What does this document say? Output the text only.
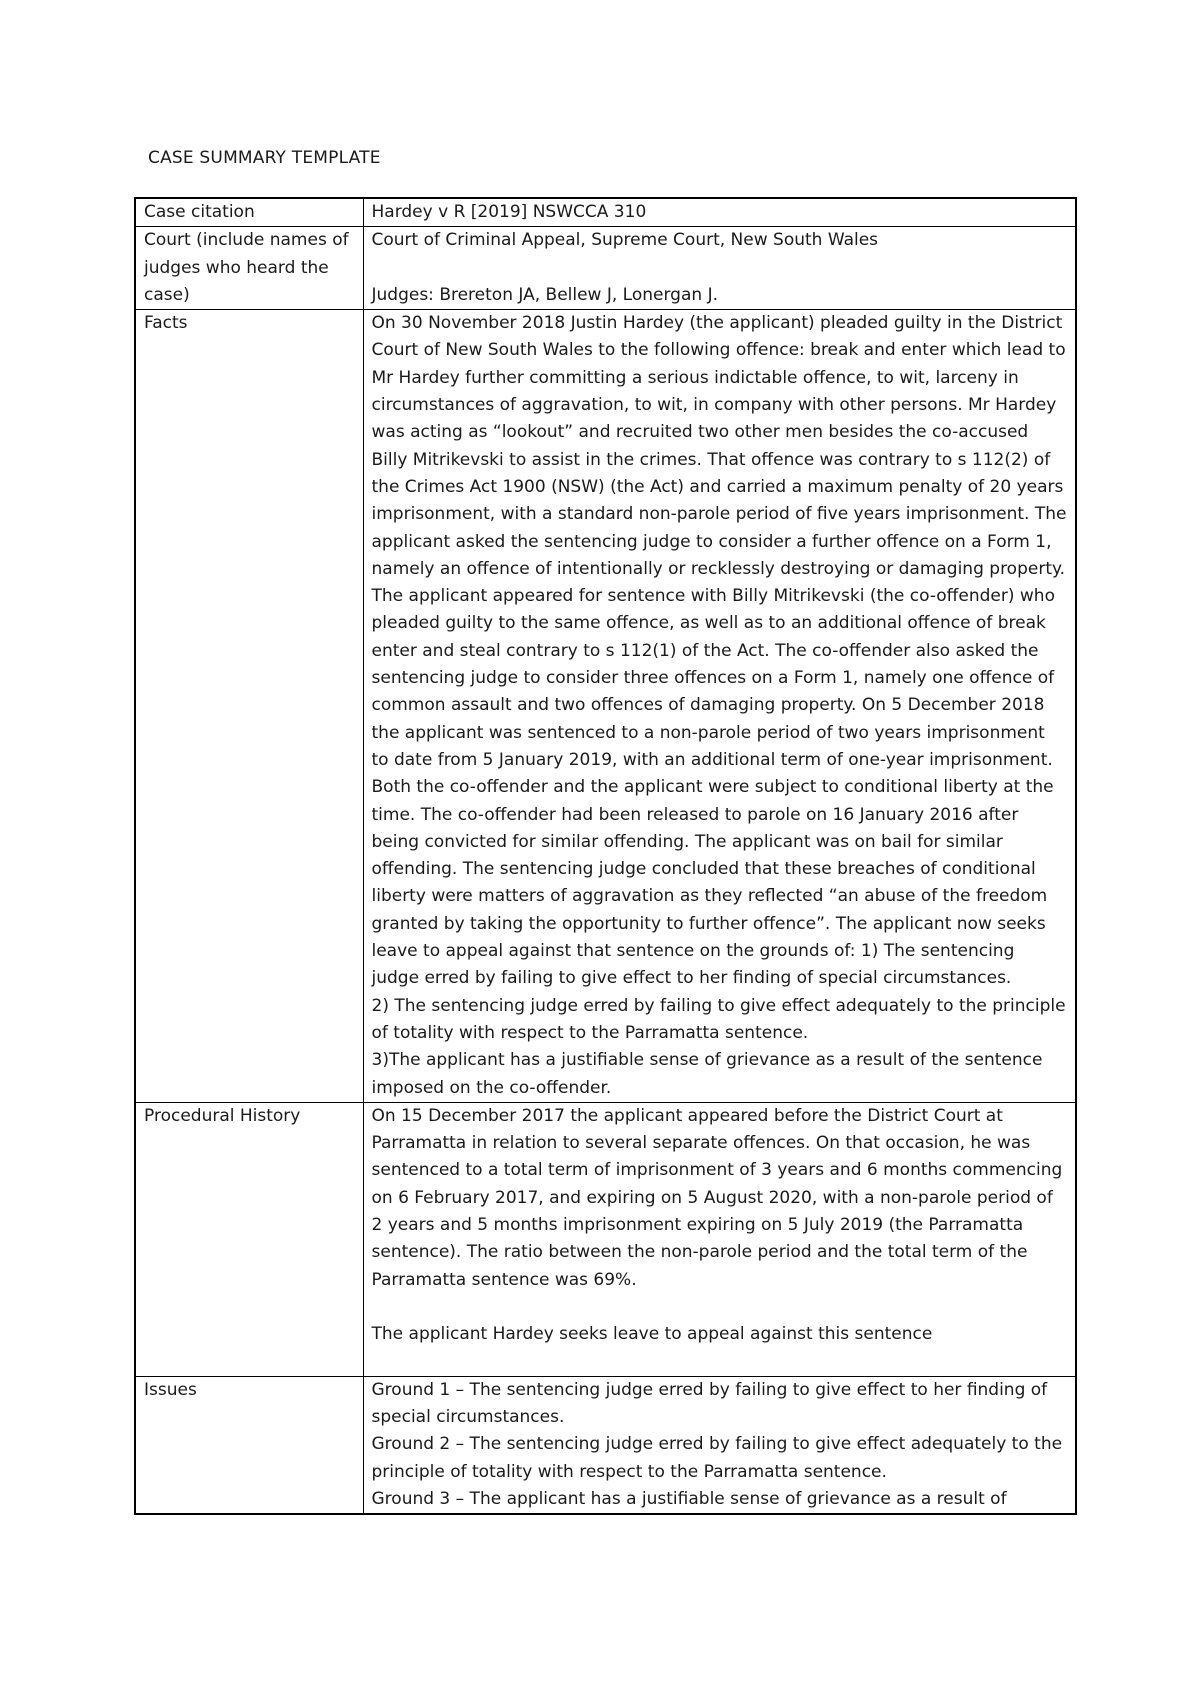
CASE SUMMARY TEMPLATE
Case citation	Hardey v R [2019] NSWCCA 310

Court (include names of judges who heard the case)	Court of Criminal Appeal, Supreme Court, New South Wales
Judges: Brereton JA, Bellew J, Lonergan J.

Facts	On 30 November 2018 Justin Hardey (the applicant) pleaded guilty in the District Court of New South Wales to the following offence: break and enter which lead to Mr Hardey further committing a serious indictable offence, to wit, larceny in circumstances of aggravation, to wit, in company with other persons. Mr Hardey was acting as “lookout” and recruited two other men besides the co-accused Billy Mitrikevski to assist in the crimes. That offence was contrary to s 112(2) of the Crimes Act 1900 (NSW) (the Act) and carried a maximum penalty of 20 years imprisonment, with a standard non-parole period of five years imprisonment. The applicant asked the sentencing judge to consider a further offence on a Form 1, namely an offence of intentionally or recklessly destroying or damaging property. The applicant appeared for sentence with Billy Mitrikevski (the co-offender) who pleaded guilty to the same offence, as well as to an additional offence of break enter and steal contrary to s 112(1) of the Act. The co-offender also asked the sentencing judge to consider three offences on a Form 1, namely one offence of common assault and two offences of damaging property. On 5 December 2018 the applicant was sentenced to a non-parole period of two years imprisonment to date from 5 January 2019, with an additional term of one-year imprisonment. Both the co-offender and the applicant were subject to conditional liberty at the time. The co-offender had been released to parole on 16 January 2016 after being convicted for similar offending. The applicant was on bail for similar offending. The sentencing judge concluded that these breaches of conditional liberty were matters of aggravation as they reflected “an abuse of the freedom granted by taking the opportunity to further offence”. The applicant now seeks leave to appeal against that sentence on the grounds of: 1) The sentencing judge erred by failing to give effect to her finding of special circumstances.
2) The sentencing judge erred by failing to give effect adequately to the principle of totality with respect to the Parramatta sentence.
3)The applicant has a justifiable sense of grievance as a result of the sentence imposed on the co-offender.

Procedural History	On 15 December 2017 the applicant appeared before the District Court at Parramatta in relation to several separate offences. On that occasion, he was sentenced to a total term of imprisonment of 3 years and 6 months commencing on 6 February 2017, and expiring on 5 August 2020, with a non-parole period of 2 years and 5 months imprisonment expiring on 5 July 2019 (the Parramatta sentence). The ratio between the non-parole period and the total term of the Parramatta sentence was 69%.
The applicant Hardey seeks leave to appeal against this sentence

Issues	Ground 1 – The sentencing judge erred by failing to give effect to her finding of special circumstances.
Ground 2 – The sentencing judge erred by failing to give effect adequately to the principle of totality with respect to the Parramatta sentence.
Ground 3 – The applicant has a justifiable sense of grievance as a result of
